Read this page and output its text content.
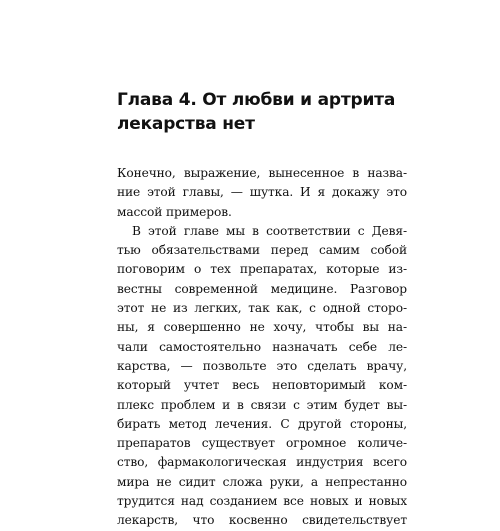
Глава 4. От любви и артрита
лекарства нет
Конечно, выражение, вынесенное в назва-
ние этой главы, — шутка. И я докажу это
массой примеров.
В этой главе мы в соответствии с Девя-
тью обязательствами перед самим собой
поговорим о тех препаратах, которые из-
вестны современной медицине. Разговор
этот не из легких, так как, с одной сторо-
ны, я совершенно не хочу, чтобы вы на-
чали самостоятельно назначать себе ле-
карства, — позвольте это сделать врачу,
который учтет весь неповторимый ком-
плекс проблем и в связи с этим будет вы-
бирать метод лечения. С другой стороны,
препаратов существует огромное количе-
ство, фармакологическая индустрия всего
мира не сидит сложа руки, а непрестанно
трудится над созданием все новых и новых
лекарств, что косвенно свидетельствует
